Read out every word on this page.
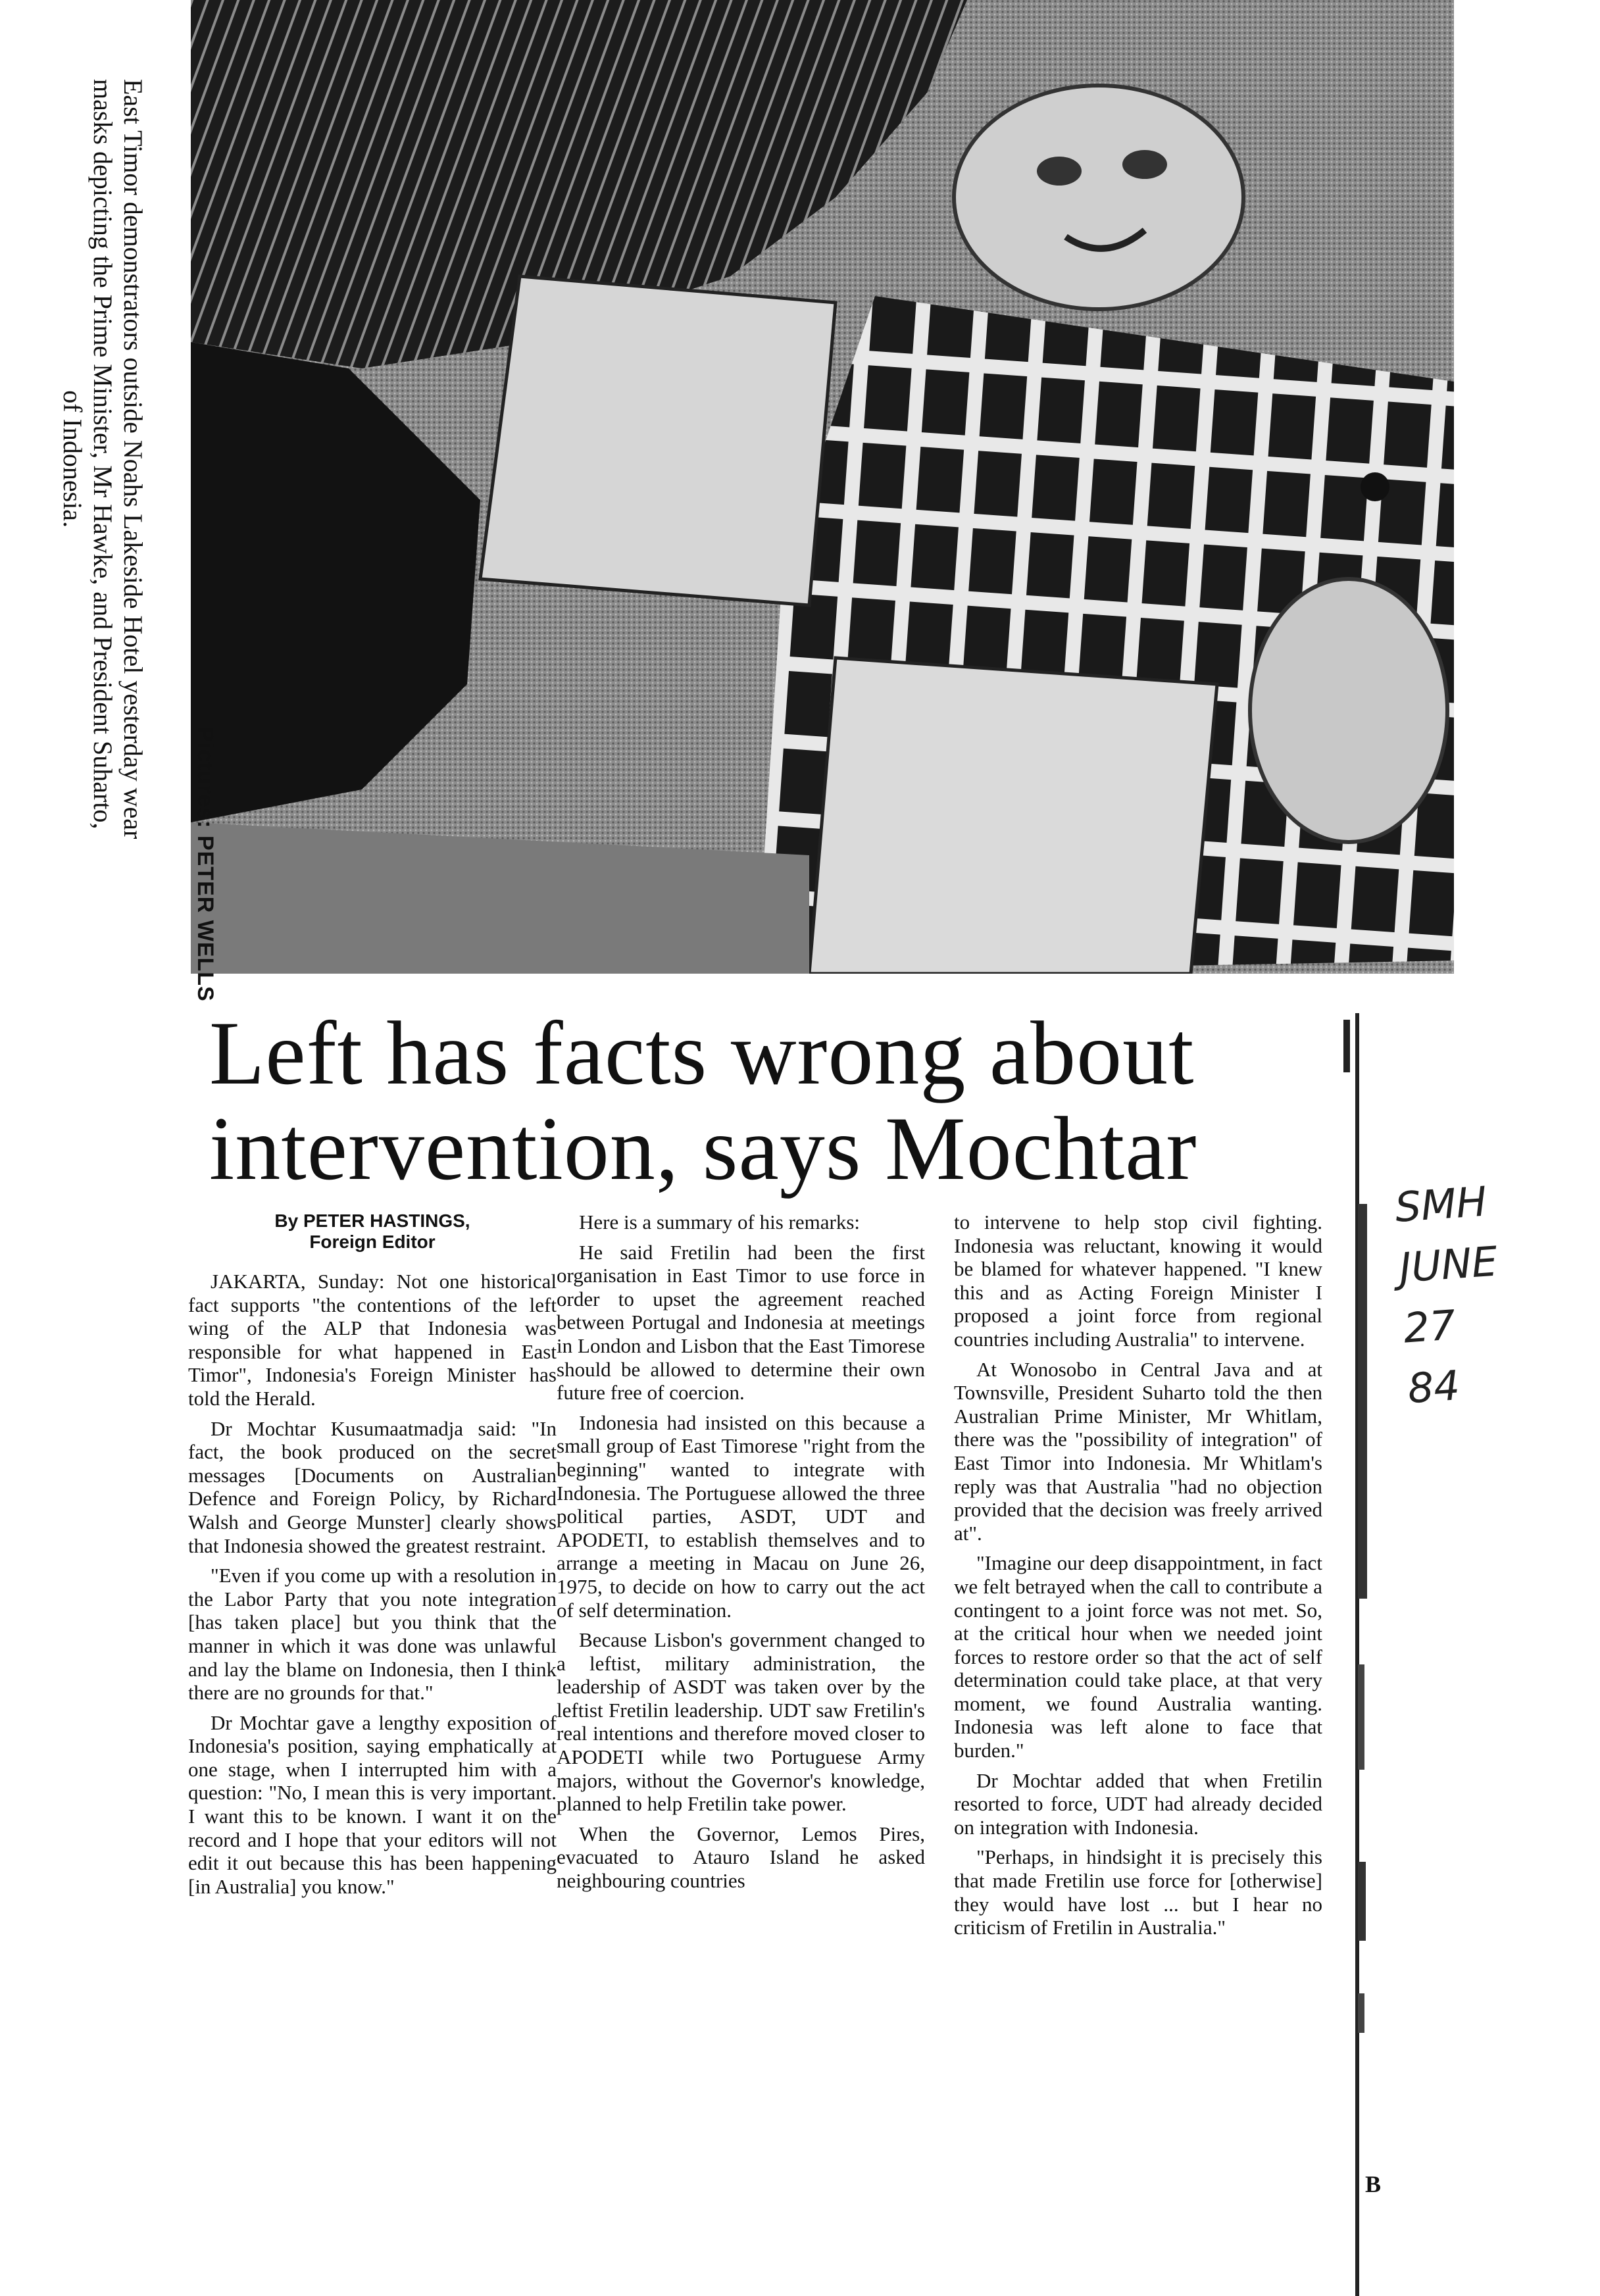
East Timor demonstrators outside Noahs Lakeside Hotel yesterday wear
masks depicting the Prime Minister, Mr Hawke, and President Suharto,
of Indonesia.
Pictures: PETER WELLS
Left has facts wrong about
intervention, says Mochtar
By PETER HASTINGS,
Foreign Editor

JAKARTA, Sunday: Not one historical fact supports "the contentions of the left wing of the ALP that Indonesia was responsible for what happened in East Timor", Indonesia's Foreign Minister has told the Herald.

Dr Mochtar Kusumaatmadja said: "In fact, the book produced on the secret messages [Documents on Australian Defence and Foreign Policy, by Richard Walsh and George Munster] clearly shows that Indonesia showed the greatest restraint.

"Even if you come up with a resolution in the Labor Party that you note integration [has taken place] but you think that the manner in which it was done was unlawful and lay the blame on Indonesia, then I think there are no grounds for that."

Dr Mochtar gave a lengthy exposition of Indonesia's position, saying emphatically at one stage, when I interrupted him with a question: "No, I mean this is very important. I want this to be known. I want it on the record and I hope that your editors will not edit it out because this has been happening [in Australia] you know."

Here is a summary of his remarks:

He said Fretilin had been the first organisation in East Timor to use force in order to upset the agreement reached between Portugal and Indonesia at meetings in London and Lisbon that the East Timorese should be allowed to determine their own future free of coercion.

Indonesia had insisted on this because a small group of East Timorese "right from the beginning" wanted to integrate with Indonesia. The Portuguese allowed the three political parties, ASDT, UDT and APODETI, to establish themselves and to arrange a meeting in Macau on June 26, 1975, to decide on how to carry out the act of self determination.

Because Lisbon's government changed to a leftist, military administration, the leadership of ASDT was taken over by the leftist Fretilin leadership. UDT saw Fretilin's real intentions and therefore moved closer to APODETI while two Portuguese Army majors, without the Governor's knowledge, planned to help Fretilin take power.

When the Governor, Lemos Pires, evacuated to Atauro Island he asked neighbouring countries

to intervene to help stop civil fighting. Indonesia was reluctant, knowing it would be blamed for whatever happened. "I knew this and as Acting Foreign Minister I proposed a joint force from regional countries including Australia" to intervene.

At Wonosobo in Central Java and at Townsville, President Suharto told the then Australian Prime Minister, Mr Whitlam, there was the "possibility of integration" of East Timor into Indonesia. Mr Whitlam's reply was that Australia "had no objection provided that the decision was freely arrived at".

"Imagine our deep disappointment, in fact we felt betrayed when the call to contribute a contingent to a joint force was not met. So, at the critical hour when we needed joint forces to restore order so that the act of self determination could take place, at that very moment, we found Australia wanting. Indonesia was left alone to face that burden."

Dr Mochtar added that when Fretilin resorted to force, UDT had already decided on integration with Indonesia.

"Perhaps, in hindsight it is precisely this that made Fretilin use force for [otherwise] they would have lost ... but I hear no criticism of Fretilin in Australia."

B
SMH
JUNE
27
84
